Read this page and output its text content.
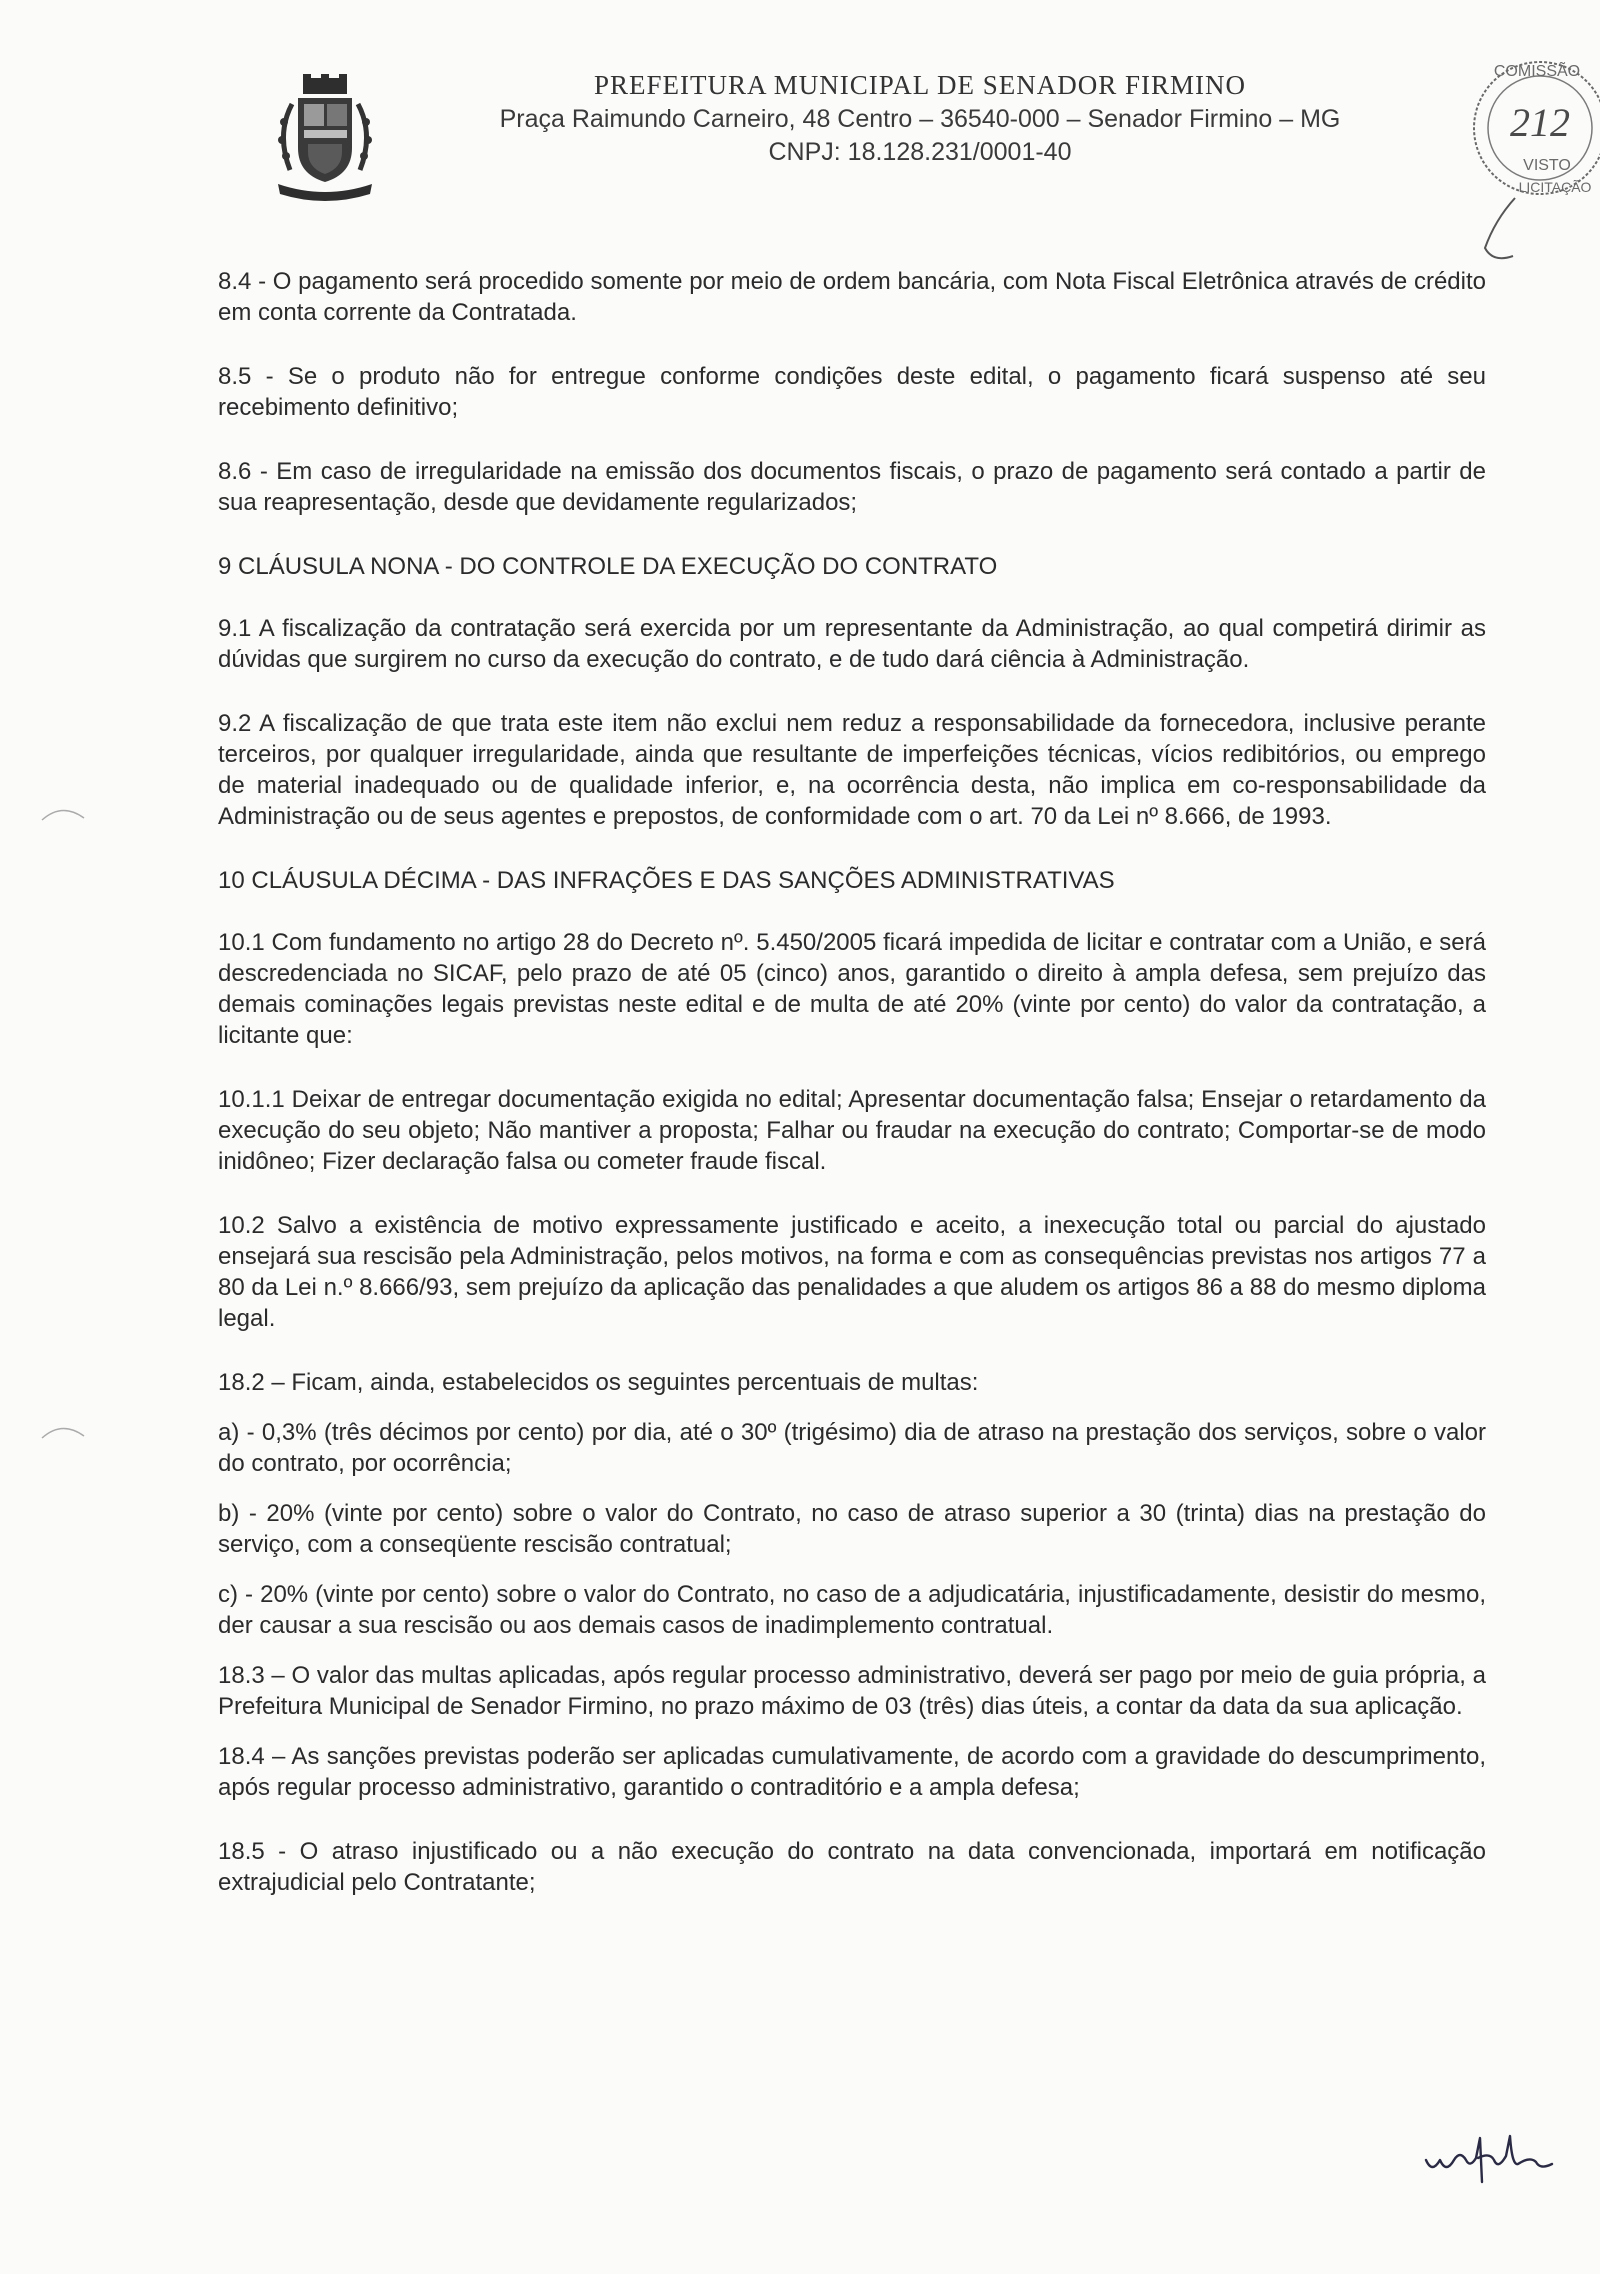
PREFEITURA MUNICIPAL DE SENADOR FIRMINO
Praça Raimundo Carneiro, 48 Centro – 36540-000 – Senador Firmino – MG
CNPJ: 18.128.231/0001-40
COMISSÃO
212
VISTO
LICITAÇÃO

8.4 - O pagamento será procedido somente por meio de ordem bancária, com Nota Fiscal Eletrônica através de crédito em conta corrente da Contratada.

8.5 - Se o produto não for entregue conforme condições deste edital, o pagamento ficará suspenso até seu recebimento definitivo;

8.6 - Em caso de irregularidade na emissão dos documentos fiscais, o prazo de pagamento será contado a partir de sua reapresentação, desde que devidamente regularizados;

9 CLÁUSULA NONA - DO CONTROLE DA EXECUÇÃO DO CONTRATO

9.1 A fiscalização da contratação será exercida por um representante da Administração, ao qual competirá dirimir as dúvidas que surgirem no curso da execução do contrato, e de tudo dará ciência à Administração.

9.2 A fiscalização de que trata este item não exclui nem reduz a responsabilidade da fornecedora, inclusive perante terceiros, por qualquer irregularidade, ainda que resultante de imperfeições técnicas, vícios redibitórios, ou emprego de material inadequado ou de qualidade inferior, e, na ocorrência desta, não implica em co-responsabilidade da Administração ou de seus agentes e prepostos, de conformidade com o art. 70 da Lei nº 8.666, de 1993.

10 CLÁUSULA DÉCIMA - DAS INFRAÇÕES E DAS SANÇÕES ADMINISTRATIVAS

10.1 Com fundamento no artigo 28 do Decreto nº. 5.450/2005 ficará impedida de licitar e contratar com a União, e será descredenciada no SICAF, pelo prazo de até 05 (cinco) anos, garantido o direito à ampla defesa, sem prejuízo das demais cominações legais previstas neste edital e de multa de até 20% (vinte por cento) do valor da contratação, a licitante que:

10.1.1 Deixar de entregar documentação exigida no edital; Apresentar documentação falsa; Ensejar o retardamento da execução do seu objeto; Não mantiver a proposta; Falhar ou fraudar na execução do contrato; Comportar-se de modo inidôneo; Fizer declaração falsa ou cometer fraude fiscal.

10.2 Salvo a existência de motivo expressamente justificado e aceito, a inexecução total ou parcial do ajustado ensejará sua rescisão pela Administração, pelos motivos, na forma e com as consequências previstas nos artigos 77 a 80 da Lei n.º 8.666/93, sem prejuízo da aplicação das penalidades a que aludem os artigos 86 a 88 do mesmo diploma legal.

18.2 – Ficam, ainda, estabelecidos os seguintes percentuais de multas:

a) - 0,3% (três décimos por cento) por dia, até o 30º (trigésimo) dia de atraso na prestação dos serviços, sobre o valor do contrato, por ocorrência;

b) - 20% (vinte por cento) sobre o valor do Contrato, no caso de atraso superior a 30 (trinta) dias na prestação do serviço, com a conseqüente rescisão contratual;

c) - 20% (vinte por cento) sobre o valor do Contrato, no caso de a adjudicatária, injustificadamente, desistir do mesmo, der causar a sua rescisão ou aos demais casos de inadimplemento contratual.

18.3 – O valor das multas aplicadas, após regular processo administrativo, deverá ser pago por meio de guia própria, a Prefeitura Municipal de Senador Firmino, no prazo máximo de 03 (três) dias úteis, a contar da data da sua aplicação.

18.4 – As sanções previstas poderão ser aplicadas cumulativamente, de acordo com a gravidade do descumprimento, após regular processo administrativo, garantido o contraditório e a ampla defesa;

18.5 - O atraso injustificado ou a não execução do contrato na data convencionada, importará em notificação extrajudicial pelo Contratante;
